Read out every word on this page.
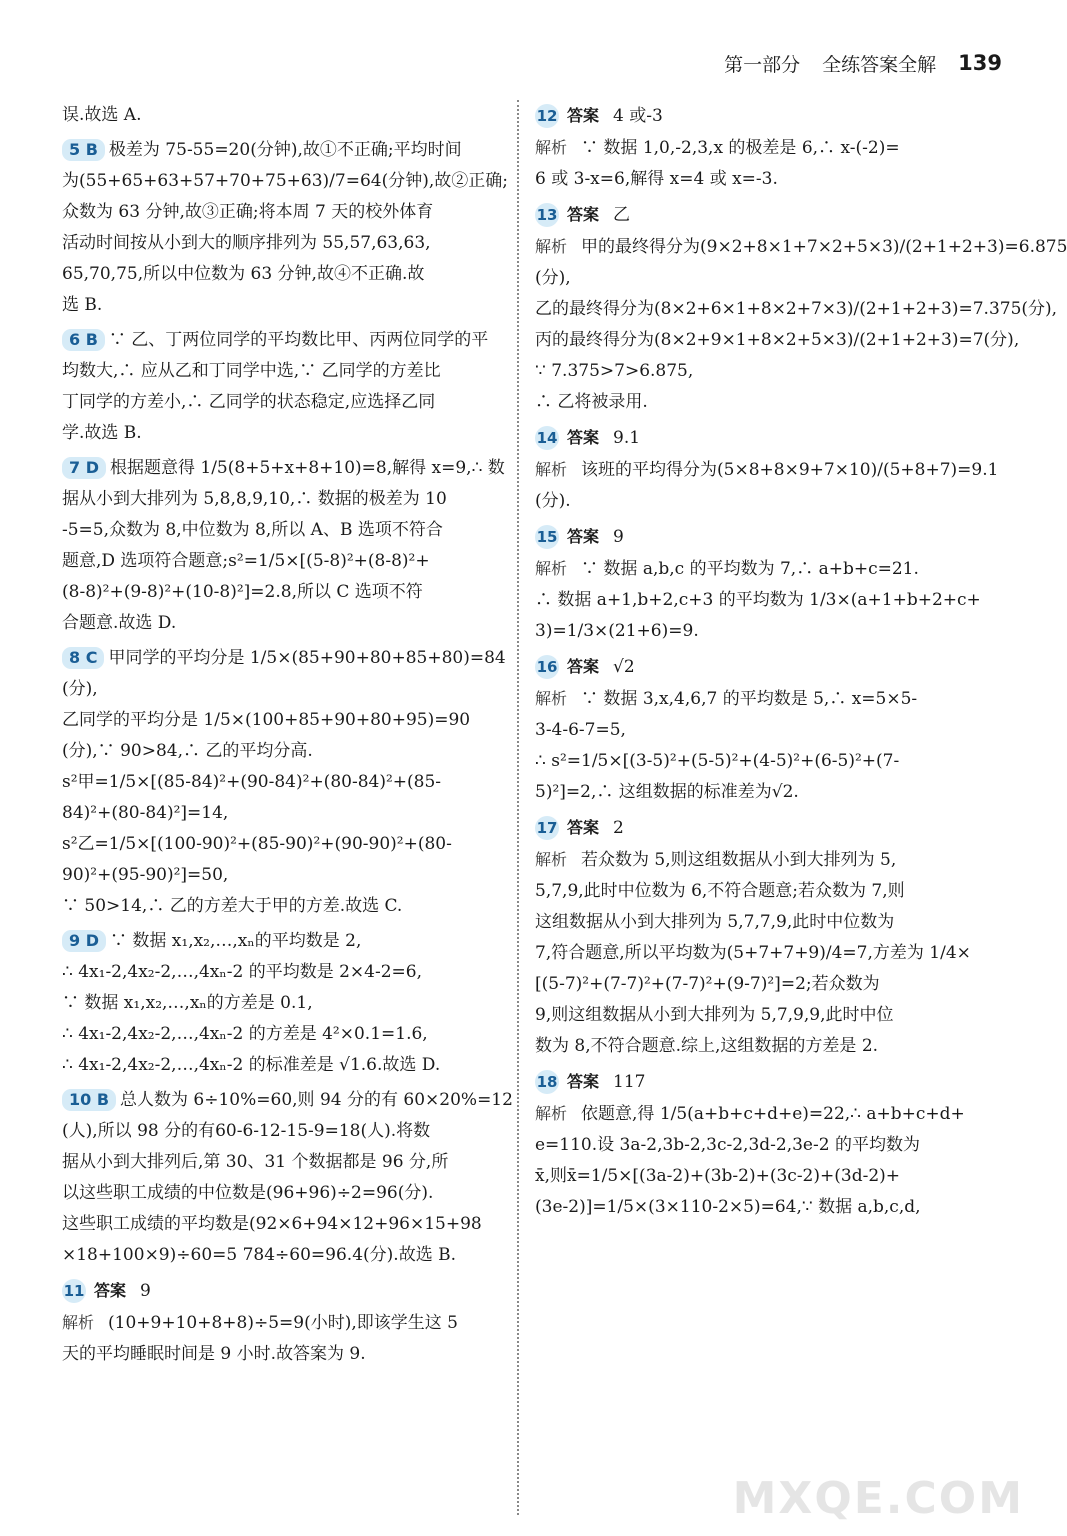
第一部分 全练答案全解 139
误.故选 A.
5 B 极差为 75-55=20(分钟),故①不正确;平均时间
为(55+65+63+57+70+75+63)/7=64(分钟),故②正确;
众数为 63 分钟,故③正确;将本周 7 天的校外体育
活动时间按从小到大的顺序排列为 55,57,63,63,
65,70,75,所以中位数为 63 分钟,故④不正确.故
选 B.
6 B ∵ 乙、丁两位同学的平均数比甲、丙两位同学的平
均数大,∴ 应从乙和丁同学中选,∵ 乙同学的方差比
丁同学的方差小,∴ 乙同学的状态稳定,应选择乙同
学.故选 B.
7 D 根据题意得 1/5(8+5+x+8+10)=8,解得 x=9,∴ 数
据从小到大排列为 5,8,8,9,10,∴ 数据的极差为 10
-5=5,众数为 8,中位数为 8,所以 A、B 选项不符合
题意,D 选项符合题意;s²=1/5×[(5-8)²+(8-8)²+
(8-8)²+(9-8)²+(10-8)²]=2.8,所以 C 选项不符
合题意.故选 D.
8 C 甲同学的平均分是 1/5×(85+90+80+85+80)=84
(分),
乙同学的平均分是 1/5×(100+85+90+80+95)=90
(分),∵ 90>84,∴ 乙的平均分高.
s²甲=1/5×[(85-84)²+(90-84)²+(80-84)²+(85-
84)²+(80-84)²]=14,
s²乙=1/5×[(100-90)²+(85-90)²+(90-90)²+(80-
90)²+(95-90)²]=50,
∵ 50>14,∴ 乙的方差大于甲的方差.故选 C.
9 D ∵ 数据 x₁,x₂,…,xₙ的平均数是 2,
∴ 4x₁-2,4x₂-2,…,4xₙ-2 的平均数是 2×4-2=6,
∵ 数据 x₁,x₂,…,xₙ的方差是 0.1,
∴ 4x₁-2,4x₂-2,…,4xₙ-2 的方差是 4²×0.1=1.6,
∴ 4x₁-2,4x₂-2,…,4xₙ-2 的标准差是 √1.6.故选 D.
10 B 总人数为 6÷10%=60,则 94 分的有 60×20%=12
(人),所以 98 分的有60-6-12-15-9=18(人).将数
据从小到大排列后,第 30、31 个数据都是 96 分,所
以这些职工成绩的中位数是(96+96)÷2=96(分).
这些职工成绩的平均数是(92×6+94×12+96×15+98
×18+100×9)÷60=5 784÷60=96.4(分).故选 B.
11 答案 9
解析 (10+9+10+8+8)÷5=9(小时),即该学生这 5
天的平均睡眠时间是 9 小时.故答案为 9.
12 答案 4 或-3
解析 ∵ 数据 1,0,-2,3,x 的极差是 6,∴ x-(-2)=
6 或 3-x=6,解得 x=4 或 x=-3.
13 答案 乙
解析 甲的最终得分为(9×2+8×1+7×2+5×3)/(2+1+2+3)=6.875
(分),
乙的最终得分为(8×2+6×1+8×2+7×3)/(2+1+2+3)=7.375(分),
丙的最终得分为(8×2+9×1+8×2+5×3)/(2+1+2+3)=7(分),
∵ 7.375>7>6.875,
∴ 乙将被录用.
14 答案 9.1
解析 该班的平均得分为(5×8+8×9+7×10)/(5+8+7)=9.1
(分).
15 答案 9
解析 ∵ 数据 a,b,c 的平均数为 7,∴ a+b+c=21.
∴ 数据 a+1,b+2,c+3 的平均数为 1/3×(a+1+b+2+c+
3)=1/3×(21+6)=9.
16 答案 √2
解析 ∵ 数据 3,x,4,6,7 的平均数是 5,∴ x=5×5-
3-4-6-7=5,
∴ s²=1/5×[(3-5)²+(5-5)²+(4-5)²+(6-5)²+(7-
5)²]=2,∴ 这组数据的标准差为√2.
17 答案 2
解析 若众数为 5,则这组数据从小到大排列为 5,
5,7,9,此时中位数为 6,不符合题意;若众数为 7,则
这组数据从小到大排列为 5,7,7,9,此时中位数为
7,符合题意,所以平均数为(5+7+7+9)/4=7,方差为 1/4×
[(5-7)²+(7-7)²+(7-7)²+(9-7)²]=2;若众数为
9,则这组数据从小到大排列为 5,7,9,9,此时中位
数为 8,不符合题意.综上,这组数据的方差是 2.
18 答案 117
解析 依题意,得 1/5(a+b+c+d+e)=22,∴ a+b+c+d+
e=110.设 3a-2,3b-2,3c-2,3d-2,3e-2 的平均数为
x̄,则x̄=1/5×[(3a-2)+(3b-2)+(3c-2)+(3d-2)+
(3e-2)]=1/5×(3×110-2×5)=64,∵ 数据 a,b,c,d,
MXQE.COM
